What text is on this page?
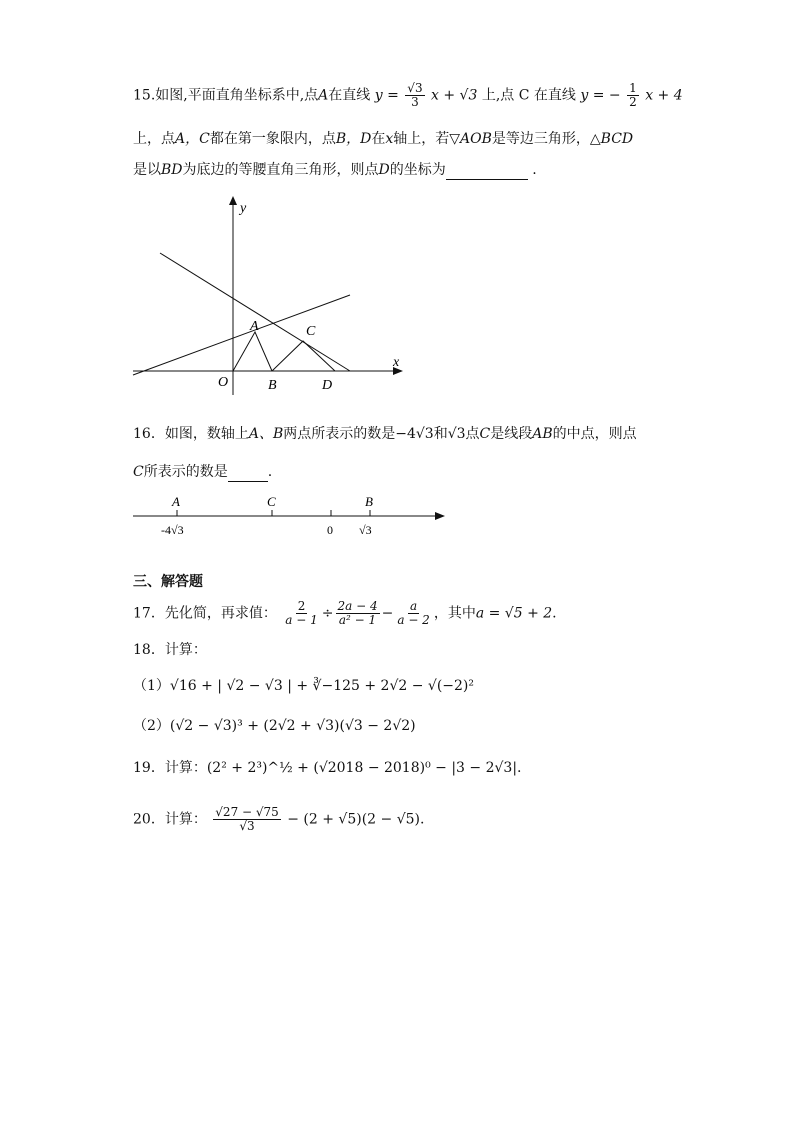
15.如图,平面直角坐标系中,点A在直线 $y = \frac{√3}{3}$ x + √3 上,点 C 在直线 y = − $\frac{1}{2}$ x + 4
上，点A，C都在第一象限内，点B，D在x轴上，若▽AOB是等边三角形，△BCD
是以BD为底边的等腰直角三角形，则点D的坐标为	.
y
x
O
A
B
C
D
16．如图，数轴上A、B两点所表示的数是−4√3和√3点C是线段AB的中点，则点
C所表示的数是	.
A	C	B
-4√3	0 √3
三、解答题
17．先化简，再求值： $\frac{2}{a - 1} \div \frac{2a - 4}{\text{a² − 1}} - \frac{a}{a - 2}$ ，其中a = √5 + 2.
18．计算：
（1）√16 + | √2 − √3 | + ∛−125 + 2√2 − √(−2)²
（2）(√2 − √3)³ + (2√2 + √3)(√3 − 2√2)
19．计算：(2² + 2³)^½ + (√2018 − 2018)⁰ − |3 − 2√3|.
20．计算： $\frac{√27 - √75}{√3} - (2 + √5)(2 - √5)$.
